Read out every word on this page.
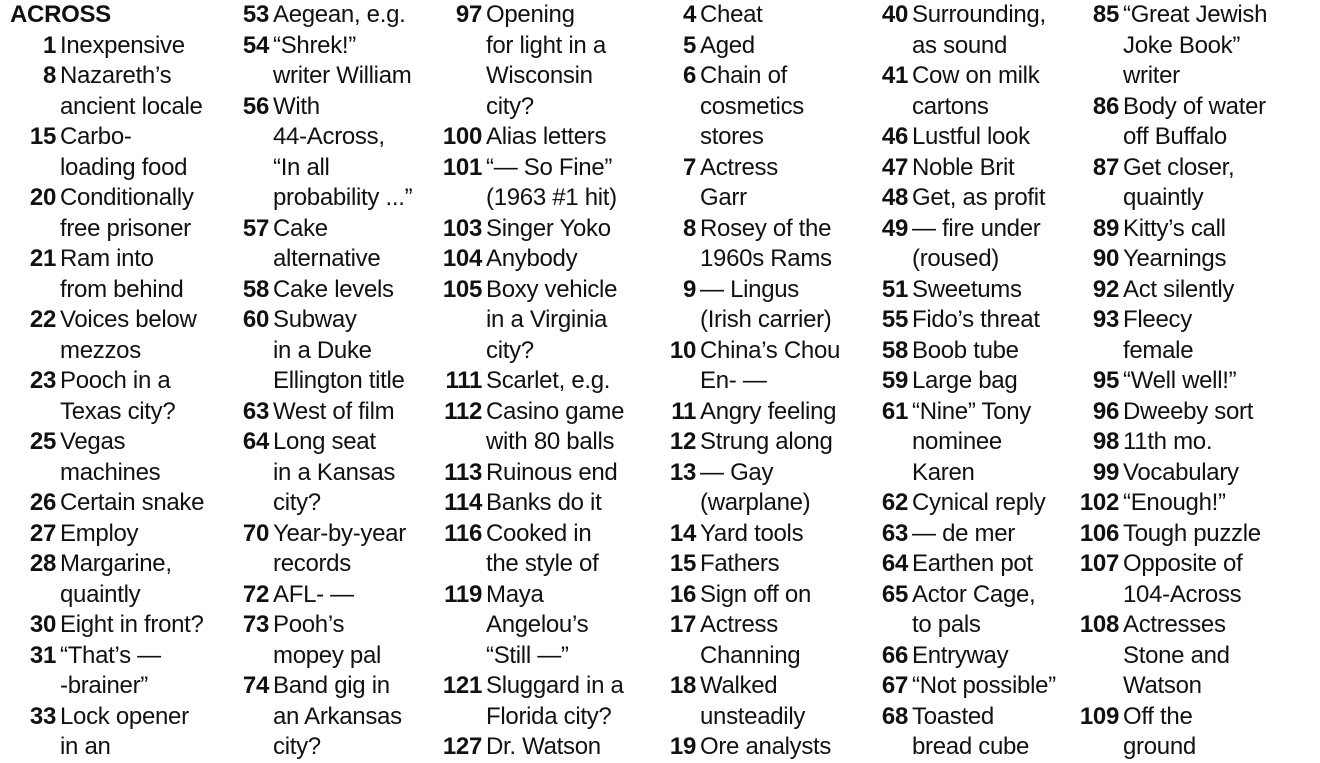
ACROSS
1 Inexpensive
8 Nazareth’s
ancient locale
15 Carbo-
loading food
20 Conditionally
free prisoner
21 Ram into
from behind
22 Voices below
mezzos
23 Pooch in a
Texas city?
25 Vegas
machines
26 Certain snake
27 Employ
28 Margarine,
quaintly
30 Eight in front?
31 “That’s —
-brainer”
33 Lock opener
in an
53 Aegean, e.g.
54 “Shrek!”
writer William
56 With
44-Across,
“In all
probability ...”
57 Cake
alternative
58 Cake levels
60 Subway
in a Duke
Ellington title
63 West of film
64 Long seat
in a Kansas
city?
70 Year-by-year
records
72 AFL- —
73 Pooh’s
mopey pal
74 Band gig in
an Arkansas
city?
97 Opening
for light in a
Wisconsin
city?
100 Alias letters
101 “— So Fine”
(1963 #1 hit)
103 Singer Yoko
104 Anybody
105 Boxy vehicle
in a Virginia
city?
111 Scarlet, e.g.
112 Casino game
with 80 balls
113 Ruinous end
114 Banks do it
116 Cooked in
the style of
119 Maya
Angelou’s
“Still —”
121 Sluggard in a
Florida city?
127 Dr. Watson
4 Cheat
5 Aged
6 Chain of
cosmetics
stores
7 Actress
Garr
8 Rosey of the
1960s Rams
9 — Lingus
(Irish carrier)
10 China’s Chou
En- —
11 Angry feeling
12 Strung along
13 — Gay
(warplane)
14 Yard tools
15 Fathers
16 Sign off on
17 Actress
Channing
18 Walked
unsteadily
19 Ore analysts
40 Surrounding,
as sound
41 Cow on milk
cartons
46 Lustful look
47 Noble Brit
48 Get, as profit
49 — fire under
(roused)
51 Sweetums
55 Fido’s threat
58 Boob tube
59 Large bag
61 “Nine” Tony
nominee
Karen
62 Cynical reply
63 — de mer
64 Earthen pot
65 Actor Cage,
to pals
66 Entryway
67 “Not possible”
68 Toasted
bread cube
85 “Great Jewish
Joke Book”
writer
86 Body of water
off Buffalo
87 Get closer,
quaintly
89 Kitty’s call
90 Yearnings
92 Act silently
93 Fleecy
female
95 “Well well!”
96 Dweeby sort
98 11th mo.
99 Vocabulary
102 “Enough!”
106 Tough puzzle
107 Opposite of
104-Across
108 Actresses
Stone and
Watson
109 Off the
ground
